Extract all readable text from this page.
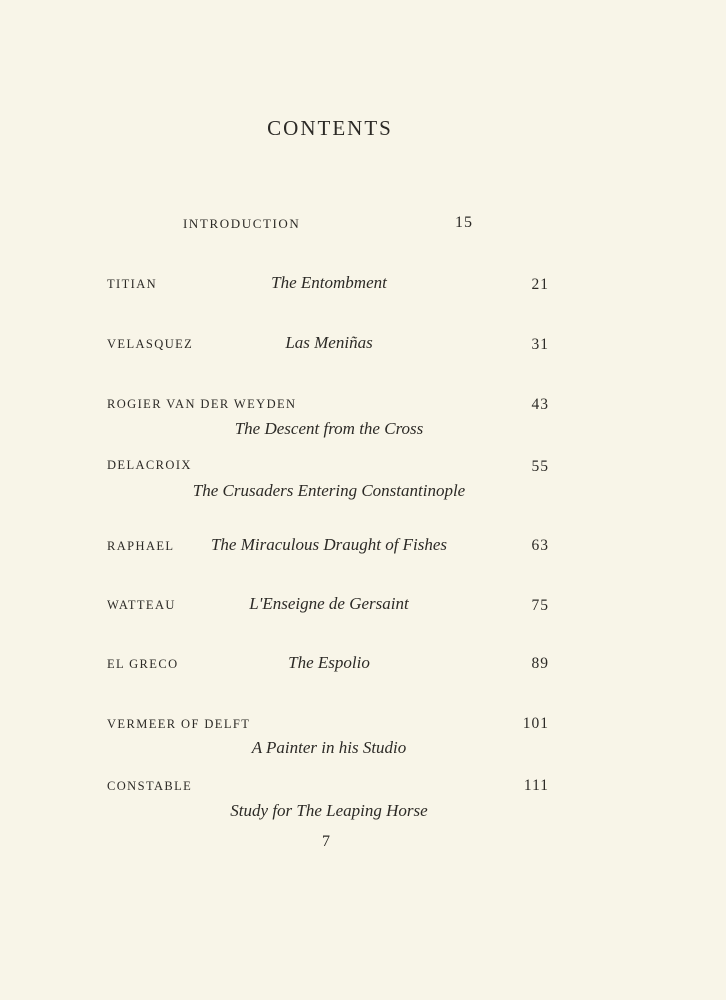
CONTENTS
INTRODUCTION	15
TITIAN	The Entombment	21
VELASQUEZ	Las Meniñas	31
ROGIER VAN DER WEYDEN	43
The Descent from the Cross
DELACROIX	55
The Crusaders Entering Constantinople
RAPHAEL	The Miraculous Draught of Fishes	63
WATTEAU	L'Enseigne de Gersaint	75
EL GRECO	The Espolio	89
VERMEER OF DELFT	101
A Painter in his Studio
CONSTABLE	111
Study for The Leaping Horse
7
